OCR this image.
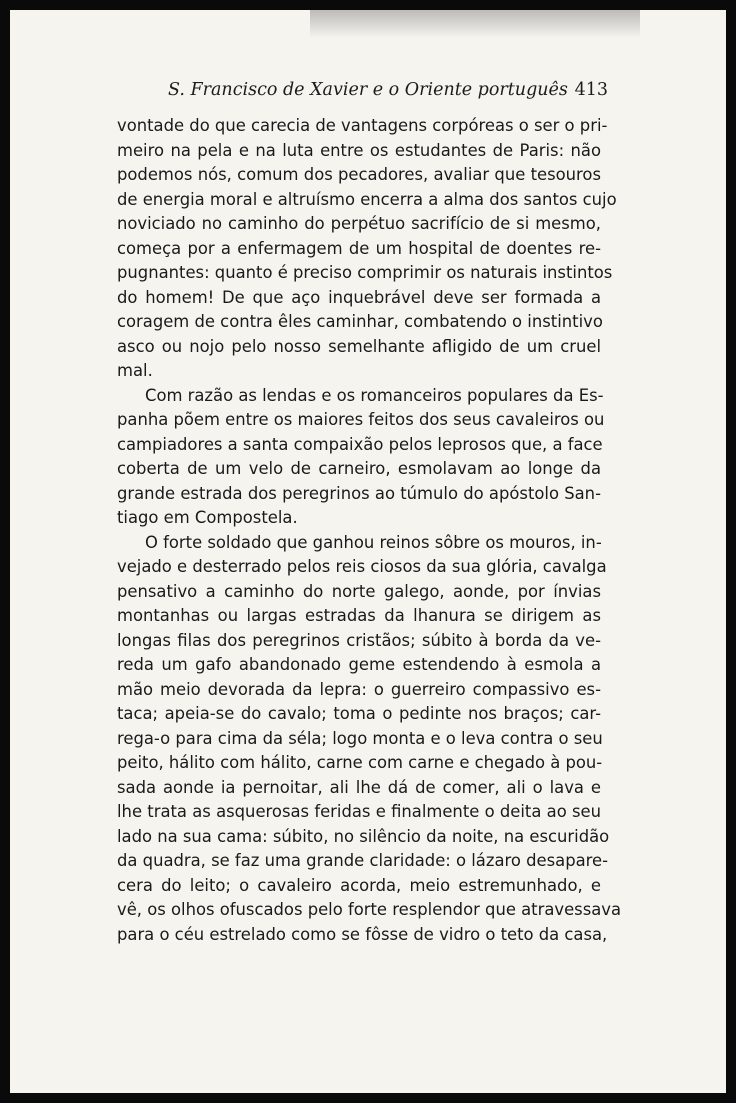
S. Francisco de Xavier e o Oriente português 413
vontade do que carecia de vantagens corpóreas o ser o pri-
meiro na pela e na luta entre os estudantes de Paris: não
podemos nós, comum dos pecadores, avaliar que tesouros
de energia moral e altruísmo encerra a alma dos santos cujo
noviciado no caminho do perpétuo sacrifício de si mesmo,
começa por a enfermagem de um hospital de doentes re-
pugnantes: quanto é preciso comprimir os naturais instintos
do homem! De que aço inquebrável deve ser formada a
coragem de contra êles caminhar, combatendo o instintivo
asco ou nojo pelo nosso semelhante afligido de um cruel
mal.
Com razão as lendas e os romanceiros populares da Es-
panha põem entre os maiores feitos dos seus cavaleiros ou
campiadores a santa compaixão pelos leprosos que, a face
coberta de um velo de carneiro, esmolavam ao longe da
grande estrada dos peregrinos ao túmulo do apóstolo San-
tiago em Compostela.
O forte soldado que ganhou reinos sôbre os mouros, in-
vejado e desterrado pelos reis ciosos da sua glória, cavalga
pensativo a caminho do norte galego, aonde, por ínvias
montanhas ou largas estradas da lhanura se dirigem as
longas filas dos peregrinos cristãos; súbito à borda da ve-
reda um gafo abandonado geme estendendo à esmola a
mão meio devorada da lepra: o guerreiro compassivo es-
taca; apeia-se do cavalo; toma o pedinte nos braços; car-
rega-o para cima da séla; logo monta e o leva contra o seu
peito, hálito com hálito, carne com carne e chegado à pou-
sada aonde ia pernoitar, ali lhe dá de comer, ali o lava e
lhe trata as asquerosas feridas e finalmente o deita ao seu
lado na sua cama: súbito, no silêncio da noite, na escuridão
da quadra, se faz uma grande claridade: o lázaro desapare-
cera do leito; o cavaleiro acorda, meio estremunhado, e
vê, os olhos ofuscados pelo forte resplendor que atravessava
para o céu estrelado como se fôsse de vidro o teto da casa,
